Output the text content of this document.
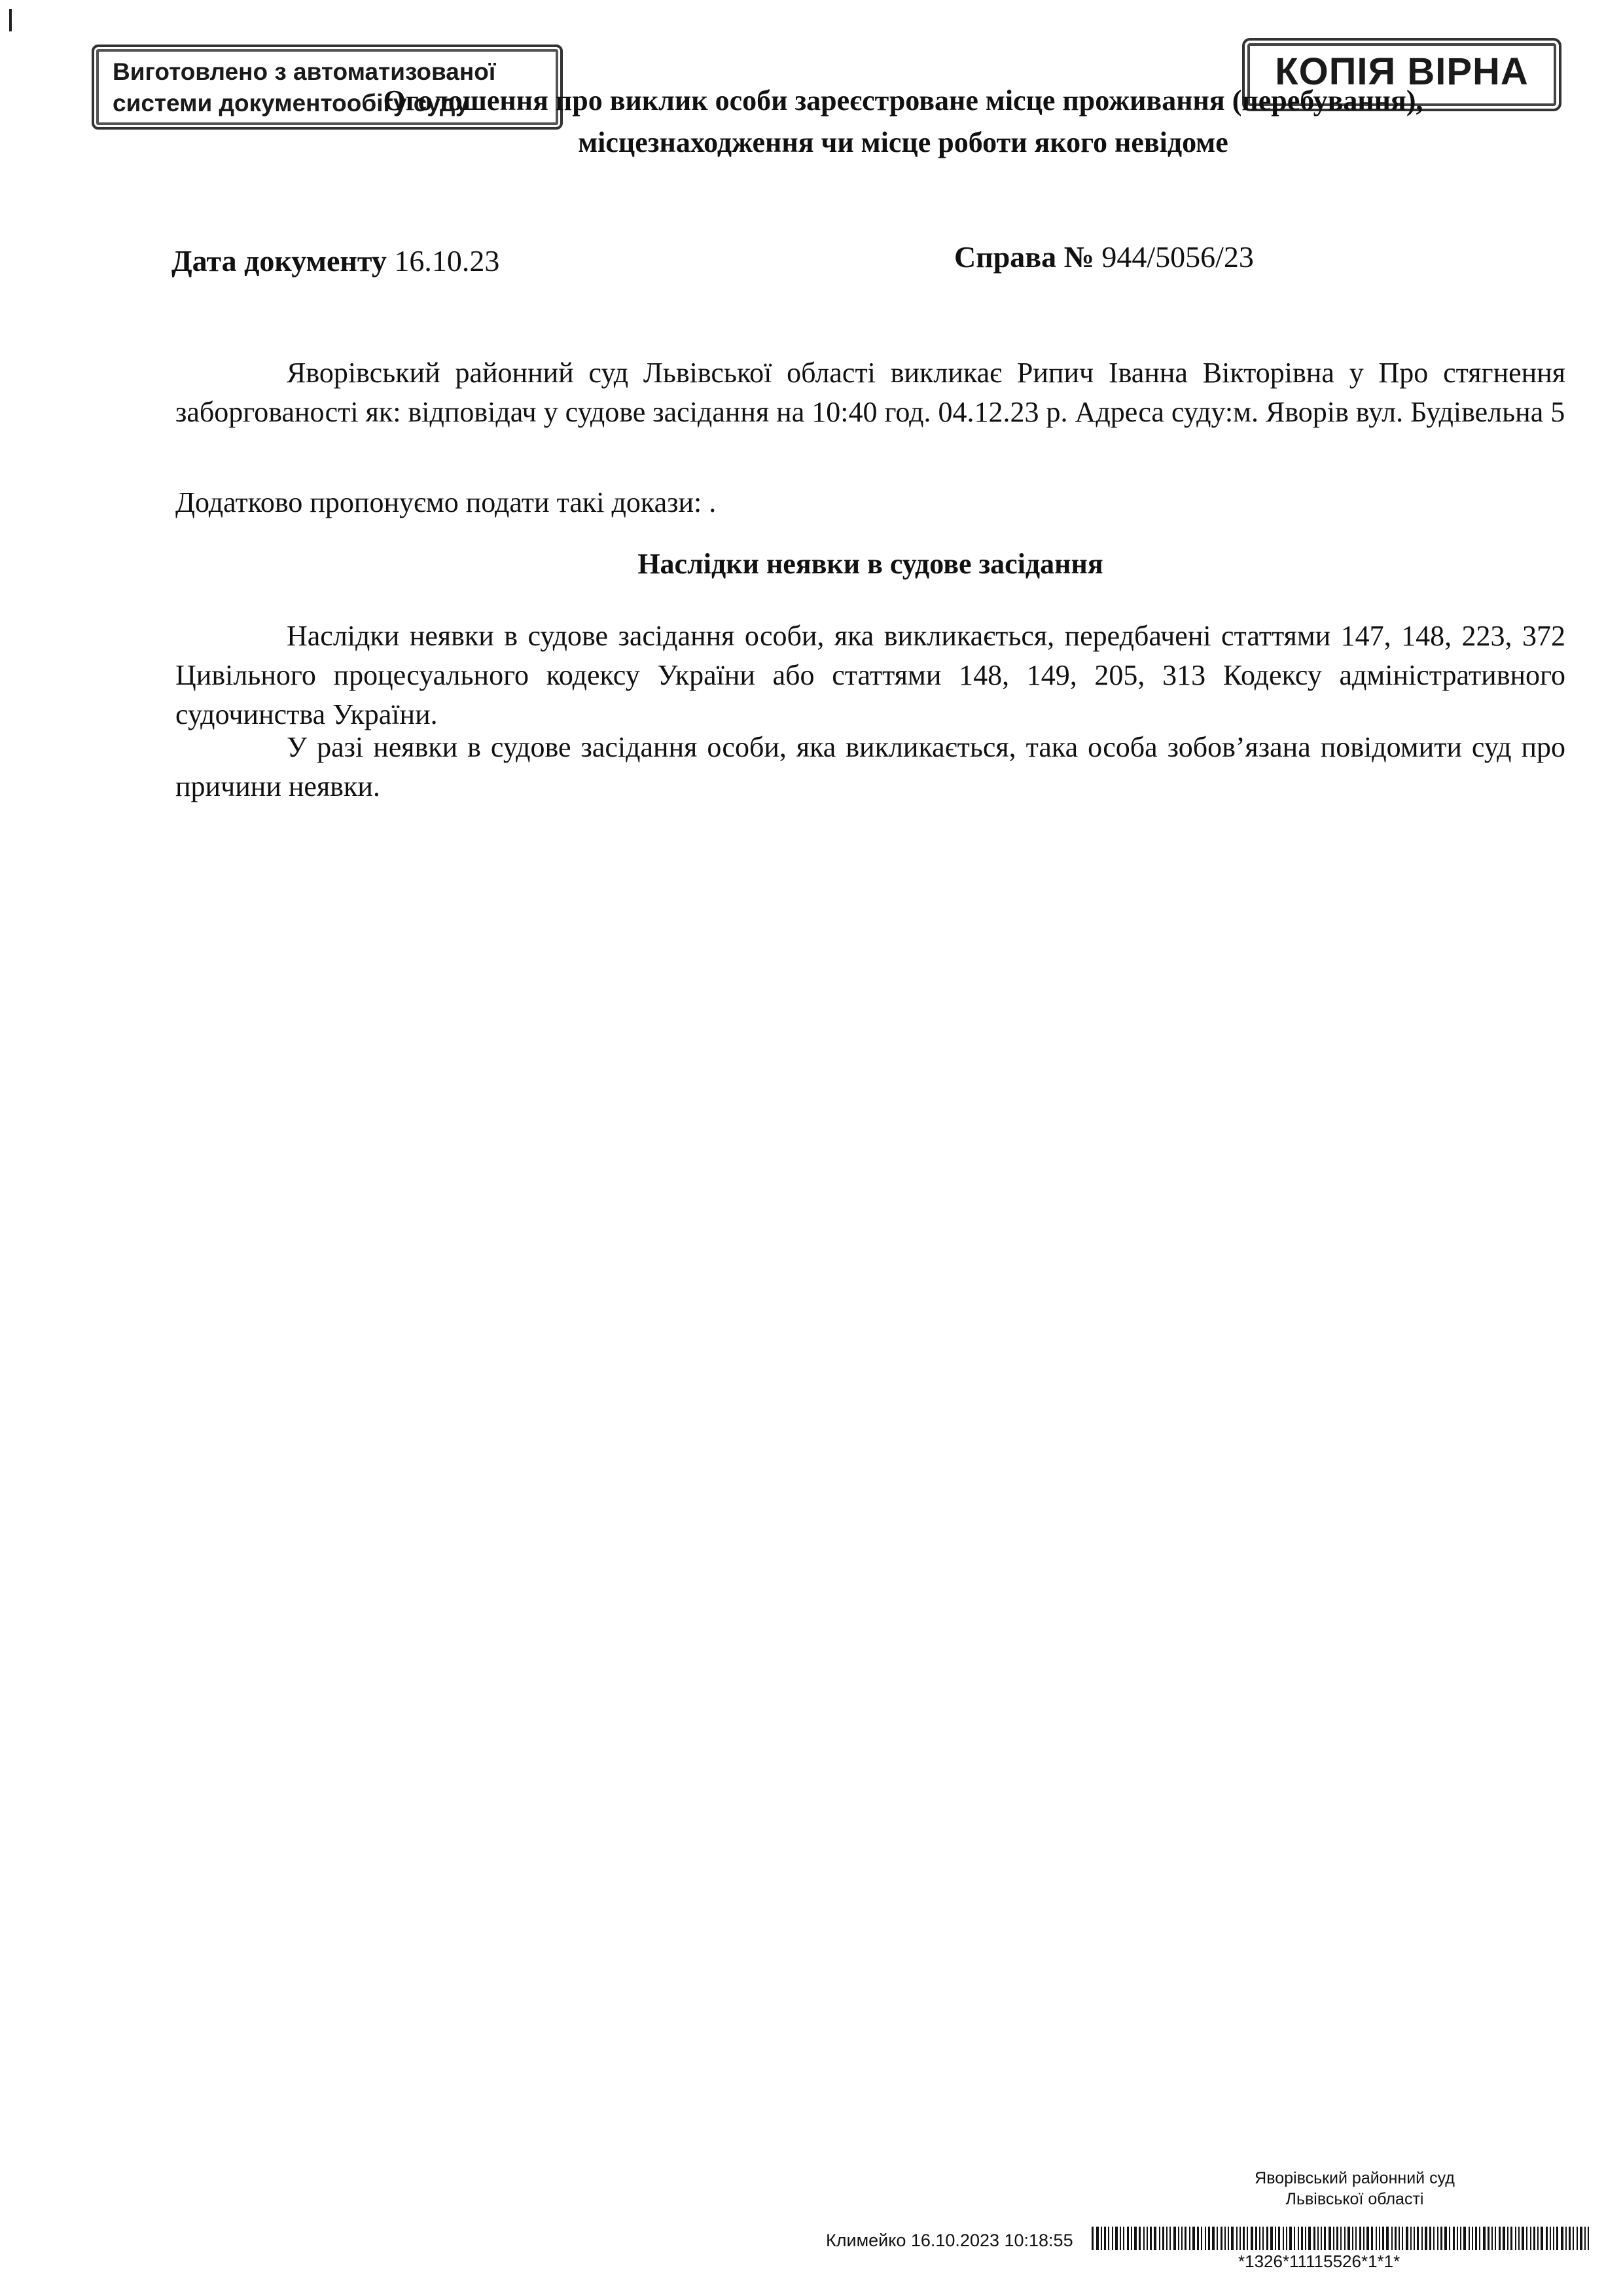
Виготовлено з автоматизованої
системи документообігу суду
КОПІЯ ВІРНА
Оголошення про виклик особи зареєстроване місце проживання (перебування),
місцезнаходження чи місце роботи якого невідоме
Дата документу 16.10.23	Справа № 944/5056/23
Яворівський районний суд Львівської області викликає Рипич Іванна Вікторівна у Про стягнення заборгованості як: відповідач у судове засідання на 10:40 год. 04.12.23 р. Адреса суду:м. Яворів вул. Будівельна 5
Додатково пропонуємо подати такі докази: .
Наслідки неявки в судове засідання
Наслідки неявки в судове засідання особи, яка викликається, передбачені статтями 147, 148, 223, 372 Цивільного процесуального кодексу України або статтями 148, 149, 205, 313 Кодексу адміністративного судочинства України.
У разі неявки в судове засідання особи, яка викликається, така особа зобов’язана повідомити суд про причини неявки.
Яворівський районний суд
Львівської області
Климейко 16.10.2023 10:18:55
*1326*11115526*1*1*
